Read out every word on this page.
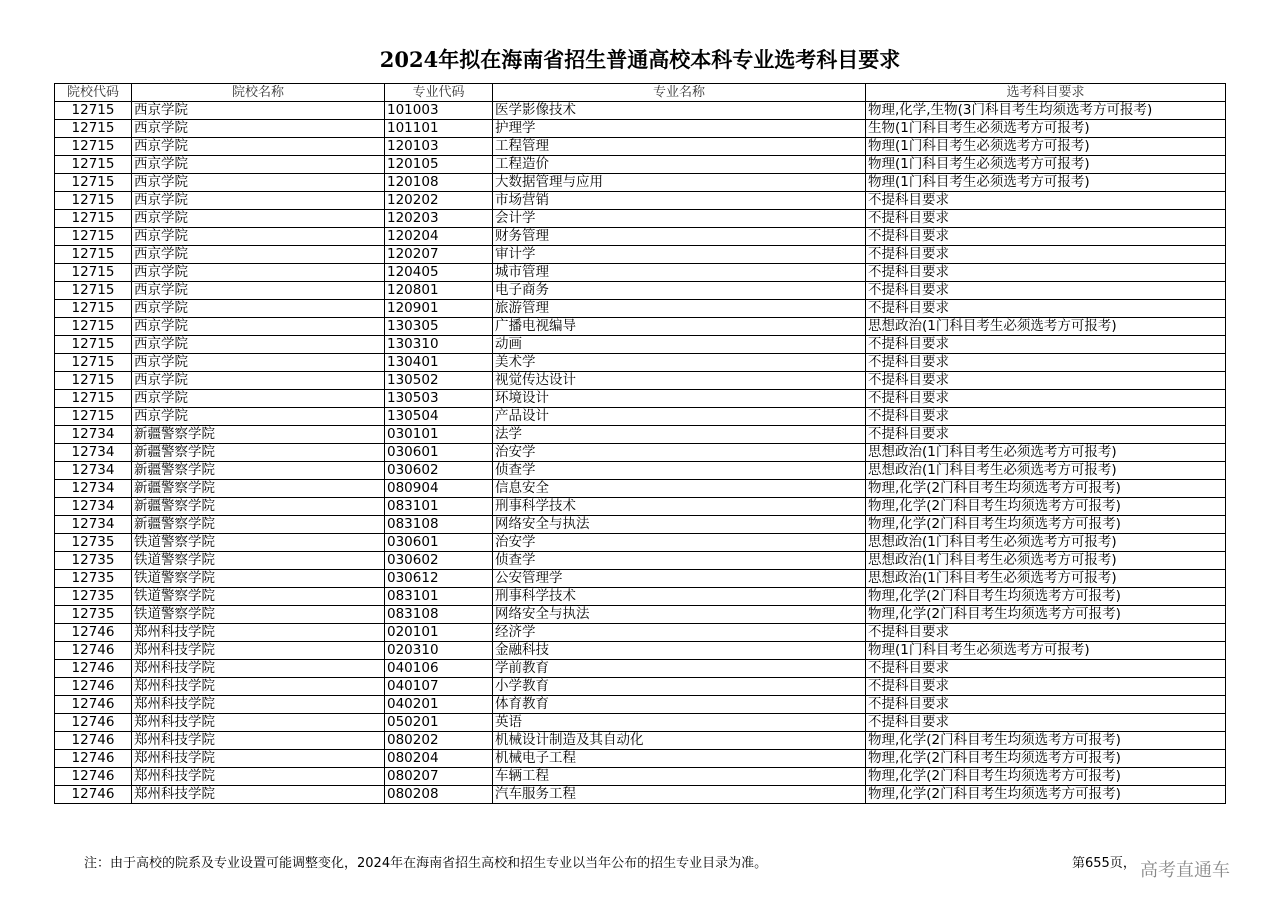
2024年拟在海南省招生普通高校本科专业选考科目要求
院校代码	院校名称	专业代码	专业名称	选考科目要求
12715	西京学院	101003	医学影像技术	物理,化学,生物(3门科目考生均须选考方可报考)
12715	西京学院	101101	护理学	生物(1门科目考生必须选考方可报考)
12715	西京学院	120103	工程管理	物理(1门科目考生必须选考方可报考)
12715	西京学院	120105	工程造价	物理(1门科目考生必须选考方可报考)
12715	西京学院	120108	大数据管理与应用	物理(1门科目考生必须选考方可报考)
12715	西京学院	120202	市场营销	不提科目要求
12715	西京学院	120203	会计学	不提科目要求
12715	西京学院	120204	财务管理	不提科目要求
12715	西京学院	120207	审计学	不提科目要求
12715	西京学院	120405	城市管理	不提科目要求
12715	西京学院	120801	电子商务	不提科目要求
12715	西京学院	120901	旅游管理	不提科目要求
12715	西京学院	130305	广播电视编导	思想政治(1门科目考生必须选考方可报考)
12715	西京学院	130310	动画	不提科目要求
12715	西京学院	130401	美术学	不提科目要求
12715	西京学院	130502	视觉传达设计	不提科目要求
12715	西京学院	130503	环境设计	不提科目要求
12715	西京学院	130504	产品设计	不提科目要求
12734	新疆警察学院	030101	法学	不提科目要求
12734	新疆警察学院	030601	治安学	思想政治(1门科目考生必须选考方可报考)
12734	新疆警察学院	030602	侦查学	思想政治(1门科目考生必须选考方可报考)
12734	新疆警察学院	080904	信息安全	物理,化学(2门科目考生均须选考方可报考)
12734	新疆警察学院	083101	刑事科学技术	物理,化学(2门科目考生均须选考方可报考)
12734	新疆警察学院	083108	网络安全与执法	物理,化学(2门科目考生均须选考方可报考)
12735	铁道警察学院	030601	治安学	思想政治(1门科目考生必须选考方可报考)
12735	铁道警察学院	030602	侦查学	思想政治(1门科目考生必须选考方可报考)
12735	铁道警察学院	030612	公安管理学	思想政治(1门科目考生必须选考方可报考)
12735	铁道警察学院	083101	刑事科学技术	物理,化学(2门科目考生均须选考方可报考)
12735	铁道警察学院	083108	网络安全与执法	物理,化学(2门科目考生均须选考方可报考)
12746	郑州科技学院	020101	经济学	不提科目要求
12746	郑州科技学院	020310	金融科技	物理(1门科目考生必须选考方可报考)
12746	郑州科技学院	040106	学前教育	不提科目要求
12746	郑州科技学院	040107	小学教育	不提科目要求
12746	郑州科技学院	040201	体育教育	不提科目要求
12746	郑州科技学院	050201	英语	不提科目要求
12746	郑州科技学院	080202	机械设计制造及其自动化	物理,化学(2门科目考生均须选考方可报考)
12746	郑州科技学院	080204	机械电子工程	物理,化学(2门科目考生均须选考方可报考)
12746	郑州科技学院	080207	车辆工程	物理,化学(2门科目考生均须选考方可报考)
12746	郑州科技学院	080208	汽车服务工程	物理,化学(2门科目考生均须选考方可报考)
注：由于高校的院系及专业设置可能调整变化，2024年在海南省招生高校和招生专业以当年公布的招生专业目录为准。	第655页， 高考直通车
